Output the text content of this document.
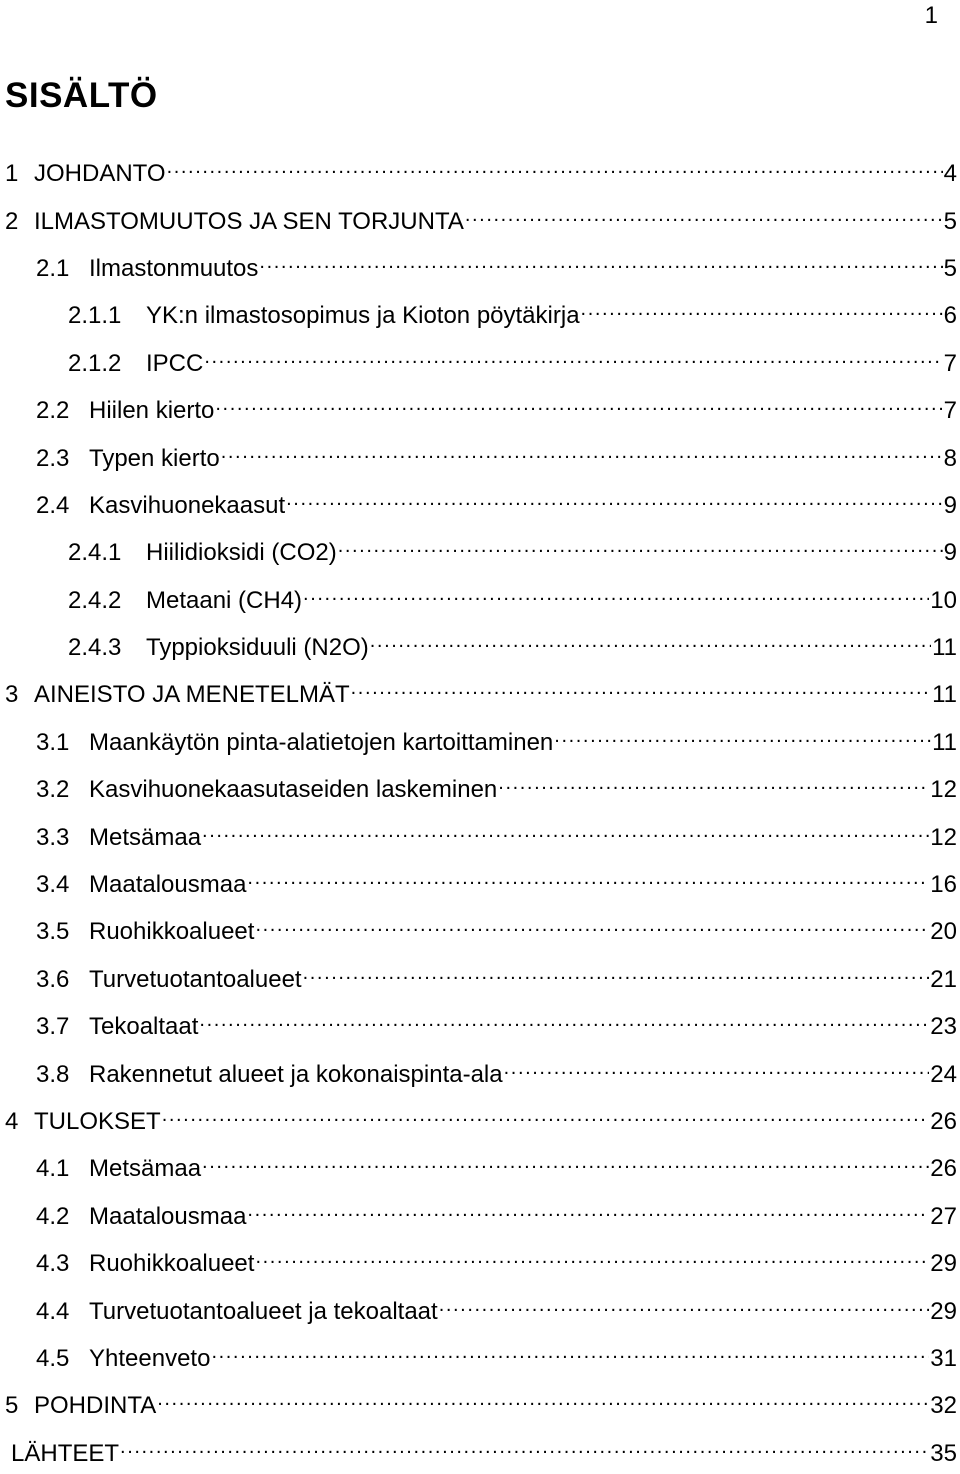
1
SISÄLTÖ
1 JOHDANTO .....	4
2 ILMASTOMUUTOS JA SEN TORJUNTA .....	5
2.1 Ilmastonmuutos .....	5
2.1.1	YK:n ilmastosopimus ja Kioton pöytäkirja .....	6
2.1.2	IPCC .....	7
2.2 Hiilen kierto .....	7
2.3 Typen kierto .....	8
2.4 Kasvihuonekaasut .....	9
2.4.1	Hiilidioksidi (CO2) .....	9
2.4.2	Metaani (CH4) .....	10
2.4.3	Typpioksiduuli (N2O) .....	11
3 AINEISTO JA MENETELMÄT .....	11
3.1 Maankäytön pinta-alatietojen kartoittaminen .....	11
3.2 Kasvihuonekaasutaseiden laskeminen .....	12
3.3 Metsämaa .....	12
3.4 Maatalousmaa .....	16
3.5 Ruohikkoalueet .....	20
3.6 Turvetuotantoalueet .....	21
3.7 Tekoaltaat .....	23
3.8 Rakennetut alueet ja kokonaispinta-ala .....	24
4 TULOKSET .....	26
4.1 Metsämaa .....	26
4.2 Maatalousmaa .....	27
4.3 Ruohikkoalueet .....	29
4.4 Turvetuotantoalueet ja tekoaltaat .....	29
4.5 Yhteenveto .....	31
5 POHDINTA .....	32
LÄHTEET .....	35
